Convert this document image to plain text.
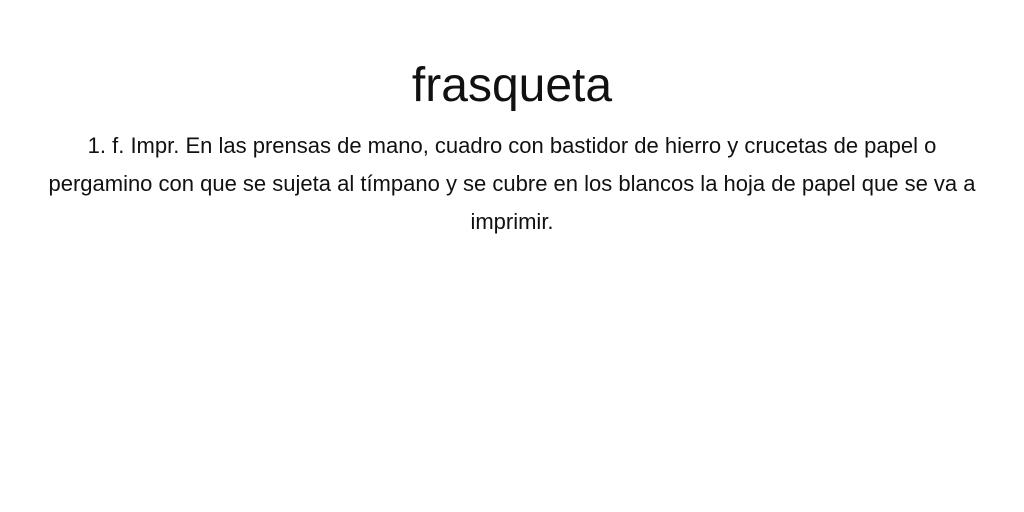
frasqueta

1. f. Impr. En las prensas de mano, cuadro con bastidor de hierro y crucetas de papel o pergamino con que se sujeta al tímpano y se cubre en los blancos la hoja de papel que se va a imprimir.
